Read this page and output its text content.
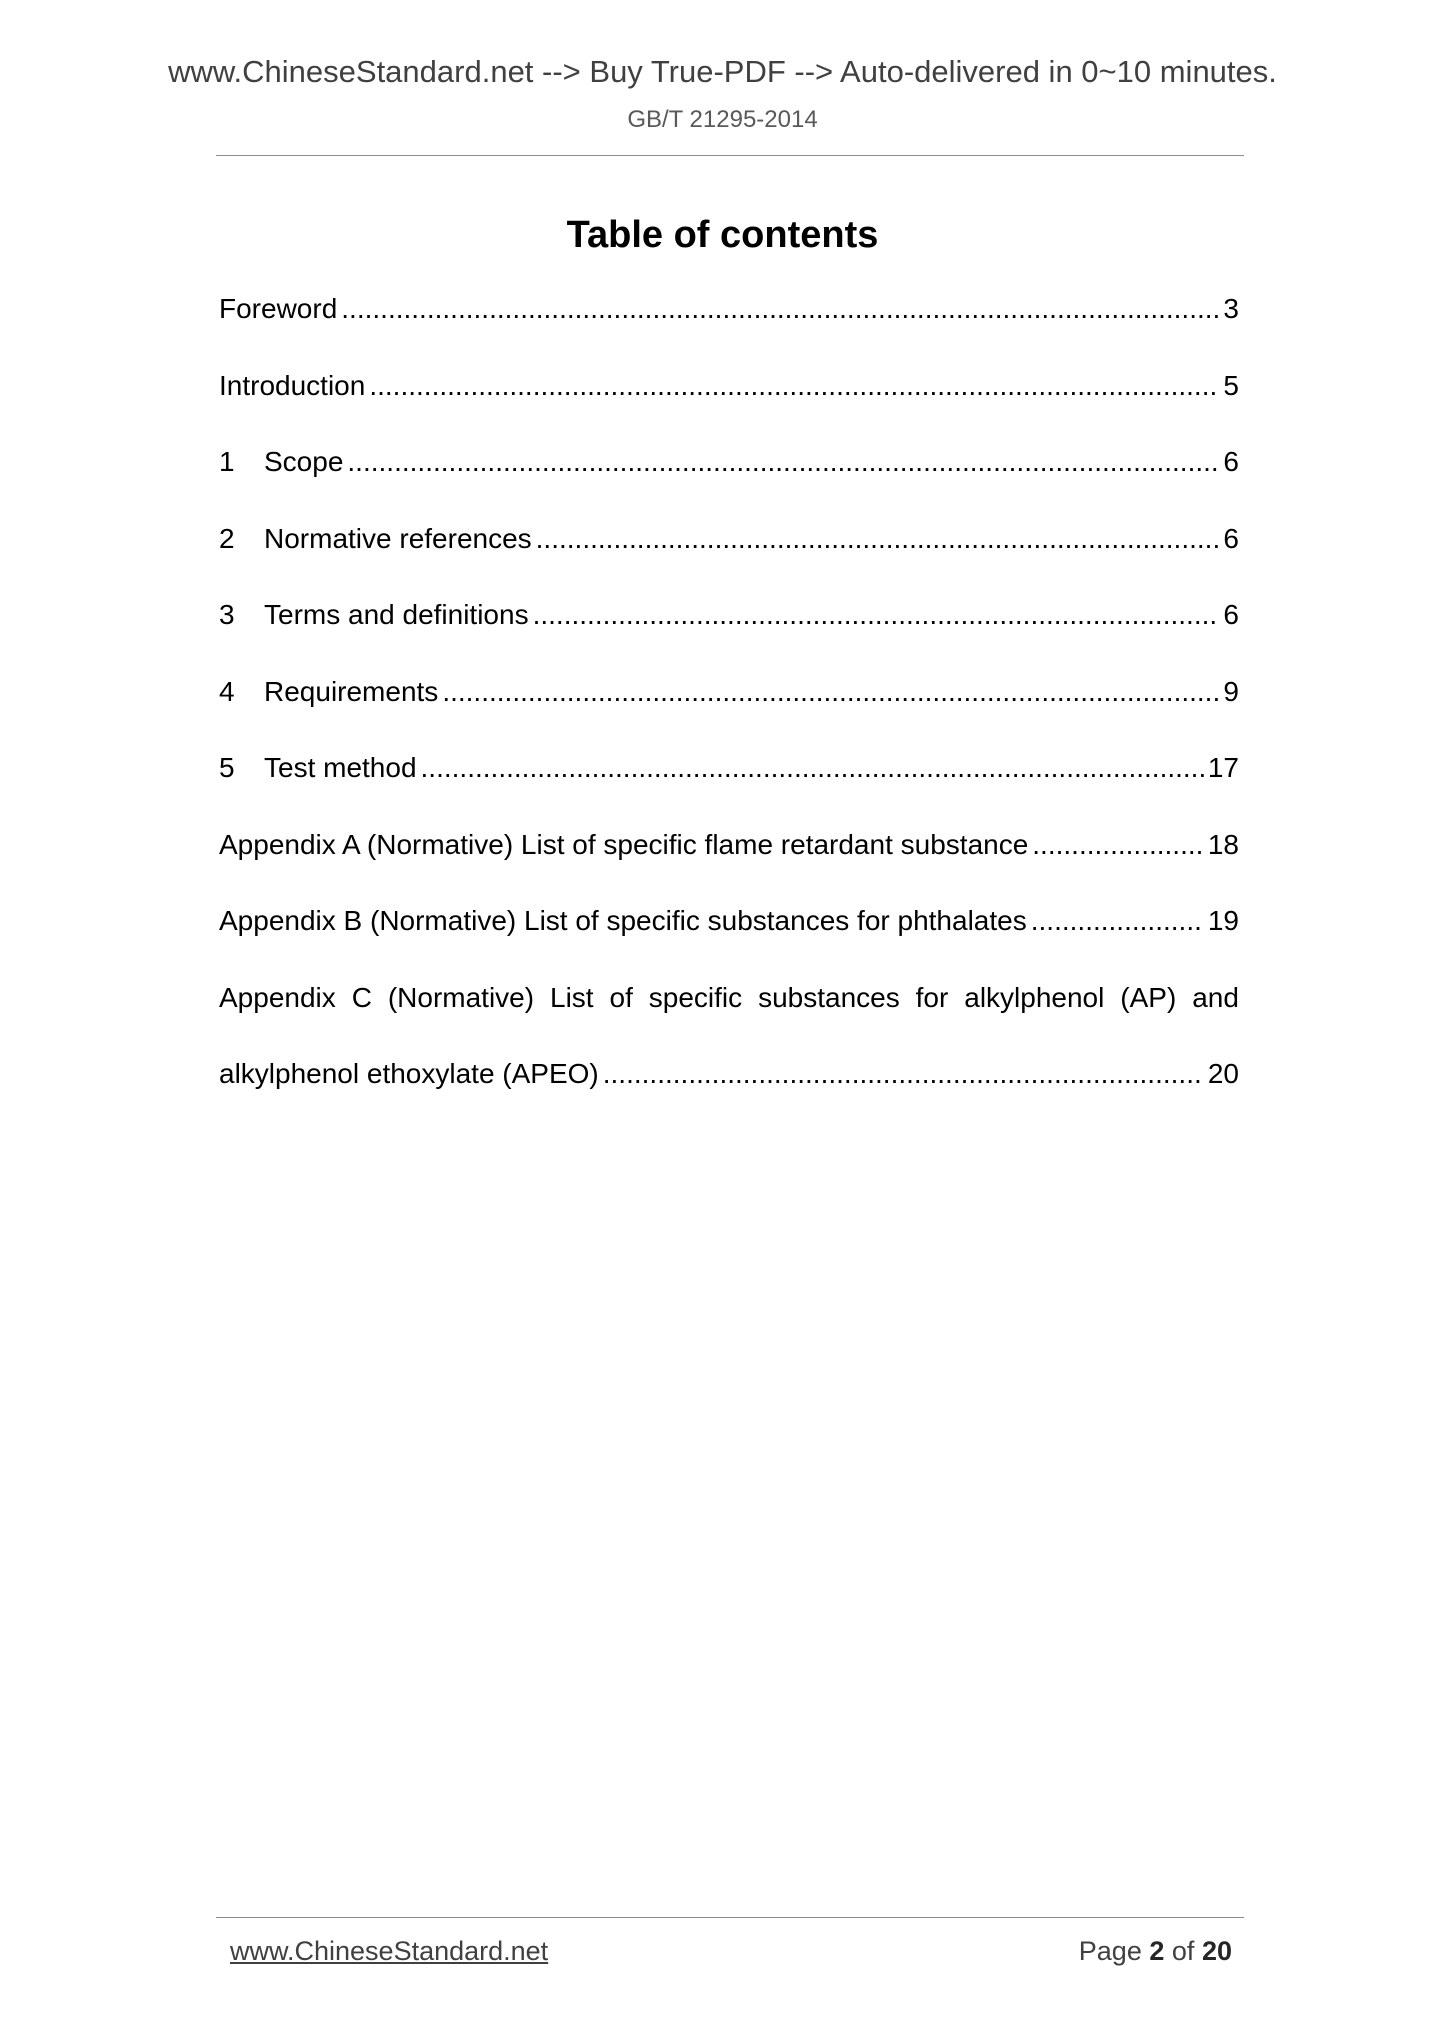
www.ChineseStandard.net --> Buy True-PDF --> Auto-delivered in 0~10 minutes.
GB/T 21295-2014
Table of contents
Foreword .....	3
Introduction .....	5
1	Scope .....	6
2	Normative references .....	6
3	Terms and definitions .....	6
4	Requirements .....	9
5	Test method .....	17
Appendix A (Normative) List of specific flame retardant substance .....	18
Appendix B (Normative) List of specific substances for phthalates .....	19
Appendix C (Normative) List of specific substances for alkylphenol (AP) and
alkylphenol ethoxylate (APEO) .....	20
www.ChineseStandard.net	Page 2 of 20
